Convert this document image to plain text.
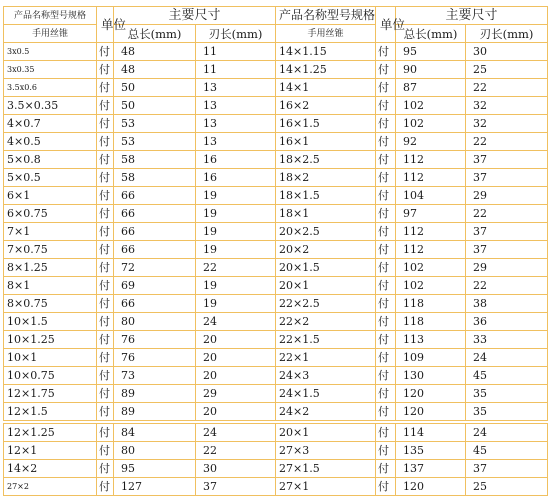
产品名称型号规格	单位	主要尺寸		产品名称型号规格	单位	主要尺寸	
手用丝锥		总长(mm)	刃长(mm)	手用丝锥		总长(mm)	刃长(mm)
3x0.5	付	48	11	14×1.15	付	95	30
3x0.35	付	48	11	14×1.25	付	90	25
3.5x0.6	付	50	13	14×1	付	87	22
3.5×0.35	付	50	13	16×2	付	102	32
4×0.7	付	53	13	16×1.5	付	102	32
4×0.5	付	53	13	16×1	付	92	22
5×0.8	付	58	16	18×2.5	付	112	37
5×0.5	付	58	16	18×2	付	112	37
6×1	付	66	19	18×1.5	付	104	29
6×0.75	付	66	19	18×1	付	97	22
7×1	付	66	19	20×2.5	付	112	37
7×0.75	付	66	19	20×2	付	112	37
8×1.25	付	72	22	20×1.5	付	102	29
8×1	付	69	19	20×1	付	102	22
8×0.75	付	66	19	22×2.5	付	118	38
10×1.5	付	80	24	22×2	付	118	36
10×1.25	付	76	20	22×1.5	付	113	33
10×1	付	76	20	22×1	付	109	24
10×0.75	付	73	20	24×3	付	130	45
12×1.75	付	89	29	24×1.5	付	120	35
12×1.5	付	89	20	24×2	付	120	35
12×1.25	付	84	24	20×1	付	114	24
12×1	付	80	22	27×3	付	135	45
14×2	付	95	30	27×1.5	付	137	37
27×2	付	127	37	27×1	付	120	25
